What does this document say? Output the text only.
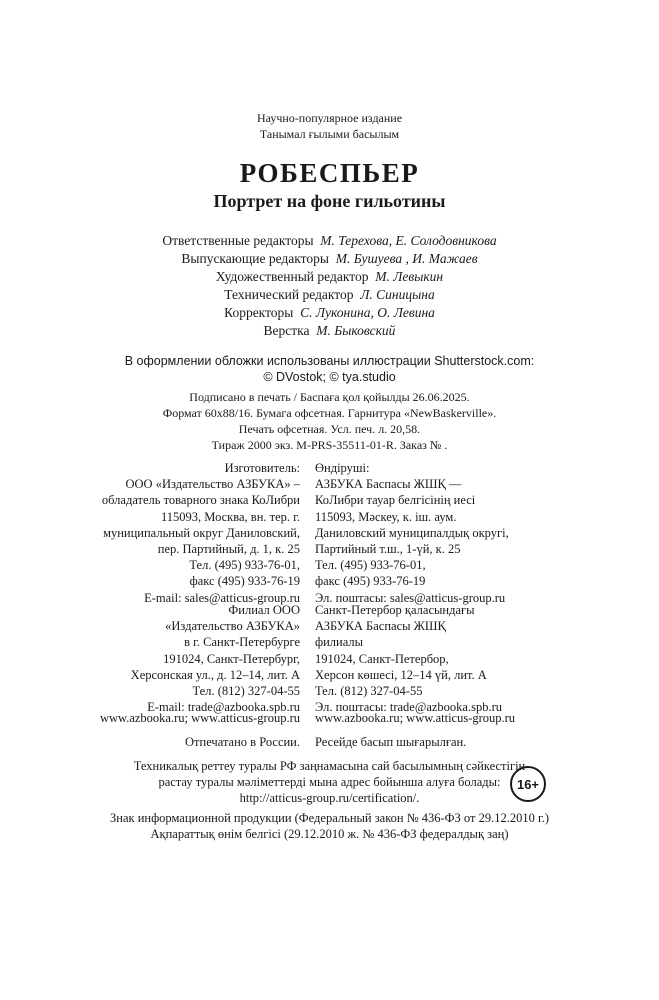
Научно-популярное издание
Танымал ғылыми басылым
РОБЕСПЬЕР
Портрет на фоне гильотины
Ответственные редакторы М. Терехова, Е. Солодовникова
Выпускающие редакторы М. Бушуева , И. Мажаев
Художественный редактор М. Левыкин
Технический редактор Л. Синицына
Корректоры С. Луконина, О. Левина
Верстка М. Быковский
В оформлении обложки использованы иллюстрации Shutterstock.com:
© DVostok; © tya.studio
Подписано в печать / Баспаға қол қойылды 26.06.2025.
Формат 60x88/16. Бумага офсетная. Гарнитура «NewBaskerville».
Печать офсетная. Усл. печ. л. 20,58.
Тираж 2000 экз. M-PRS-35511-01-R. Заказ № .
Изготовитель:
ООО «Издательство АЗБУКА» –
обладатель товарного знака КоЛибри
115093, Москва, вн. тер. г.
муниципальный округ Даниловский,
пер. Партийный, д. 1, к. 25
Тел. (495) 933-76-01,
факс (495) 933-76-19
E-mail: sales@atticus-group.ru
Өндіруші:
АЗБУКА Баспасы ЖШҚ —
КоЛибри тауар белгісінің иесі
115093, Мәскеу, к. іш. аум.
Даниловский муниципалдық округі,
Партийный т.ш., 1-үй, к. 25
Тел. (495) 933-76-01,
факс (495) 933-76-19
Эл. поштасы: sales@atticus-group.ru
Филиал ООО
«Издательство АЗБУКА»
в г. Санкт-Петербурге
191024, Санкт-Петербург,
Херсонская ул., д. 12–14, лит. А
Тел. (812) 327-04-55
E-mail: trade@azbooka.spb.ru
Санкт-Петербор қаласындағы
АЗБУКА Баспасы ЖШҚ
филиалы
191024, Санкт-Петербор,
Херсон көшесі, 12–14 үй, лит. А
Тел. (812) 327-04-55
Эл. поштасы: trade@azbooka.spb.ru
www.azbooka.ru; www.atticus-group.ru www.azbooka.ru; www.atticus-group.ru
Отпечатано в России. Ресейде басып шығарылған.
Техникалық реттеу туралы РФ заңнамасына сай басылымның сәйкестігін
растау туралы мәліметтерді мына адрес бойынша алуға болады:
http://atticus-group.ru/certification/.
16+
Знак информационной продукции (Федеральный закон № 436-ФЗ от 29.12.2010 г.)
Ақпараттық өнім белгісі (29.12.2010 ж. № 436-ФЗ федералдық заң)
